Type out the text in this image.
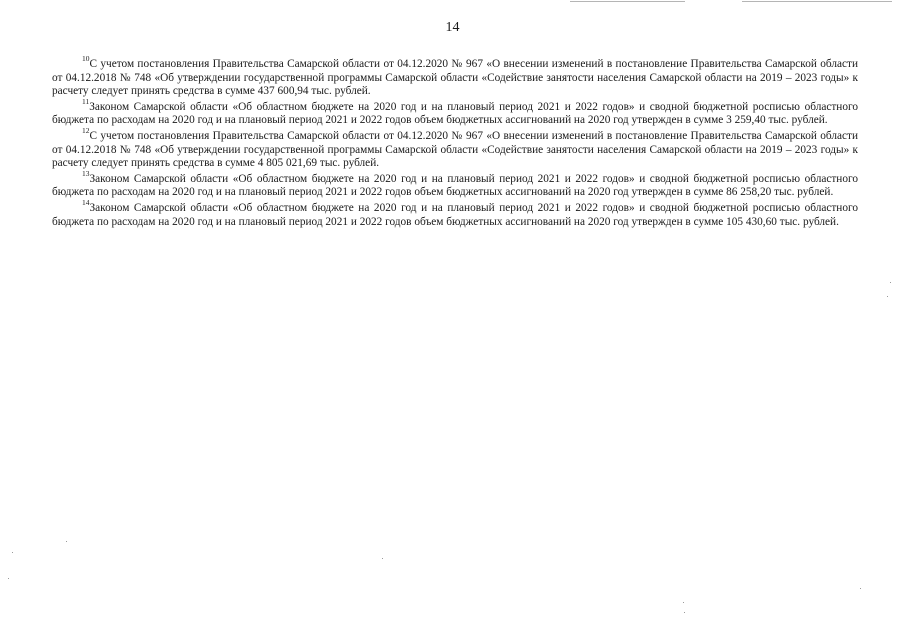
14

$^{10}$С учетом постановления Правительства Самарской области от 04.12.2020 № 967 «О внесении изменений в постановление Правительства Самарской области от 04.12.2018 № 748 «Об утверждении государственной программы Самарской области «Содействие занятости населения Самарской области на 2019 – 2023 годы» к расчету следует принять средства в сумме 437 600,94 тыс. рублей.

$^{11}$Законом Самарской области «Об областном бюджете на 2020 год и на плановый период 2021 и 2022 годов» и сводной бюджетной росписью областного бюджета по расходам на 2020 год и на плановый период 2021 и 2022 годов объем бюджетных ассигнований на 2020 год утвержден в сумме 3 259,40 тыс. рублей.

$^{12}$С учетом постановления Правительства Самарской области от 04.12.2020 № 967 «О внесении изменений в постановление Правительства Самарской области от 04.12.2018 № 748 «Об утверждении государственной программы Самарской области «Содействие занятости населения Самарской области на 2019 – 2023 годы» к расчету следует принять средства в сумме 4 805 021,69 тыс. рублей.

$^{13}$Законом Самарской области «Об областном бюджете на 2020 год и на плановый период 2021 и 2022 годов» и сводной бюджетной росписью областного бюджета по расходам на 2020 год и на плановый период 2021 и 2022 годов объем бюджетных ассигнований на 2020 год утвержден в сумме 86 258,20 тыс. рублей.

$^{14}$Законом Самарской области «Об областном бюджете на 2020 год и на плановый период 2021 и 2022 годов» и сводной бюджетной росписью областного бюджета по расходам на 2020 год и на плановый период 2021 и 2022 годов объем бюджетных ассигнований на 2020 год утвержден в сумме 105 430,60 тыс. рублей.
